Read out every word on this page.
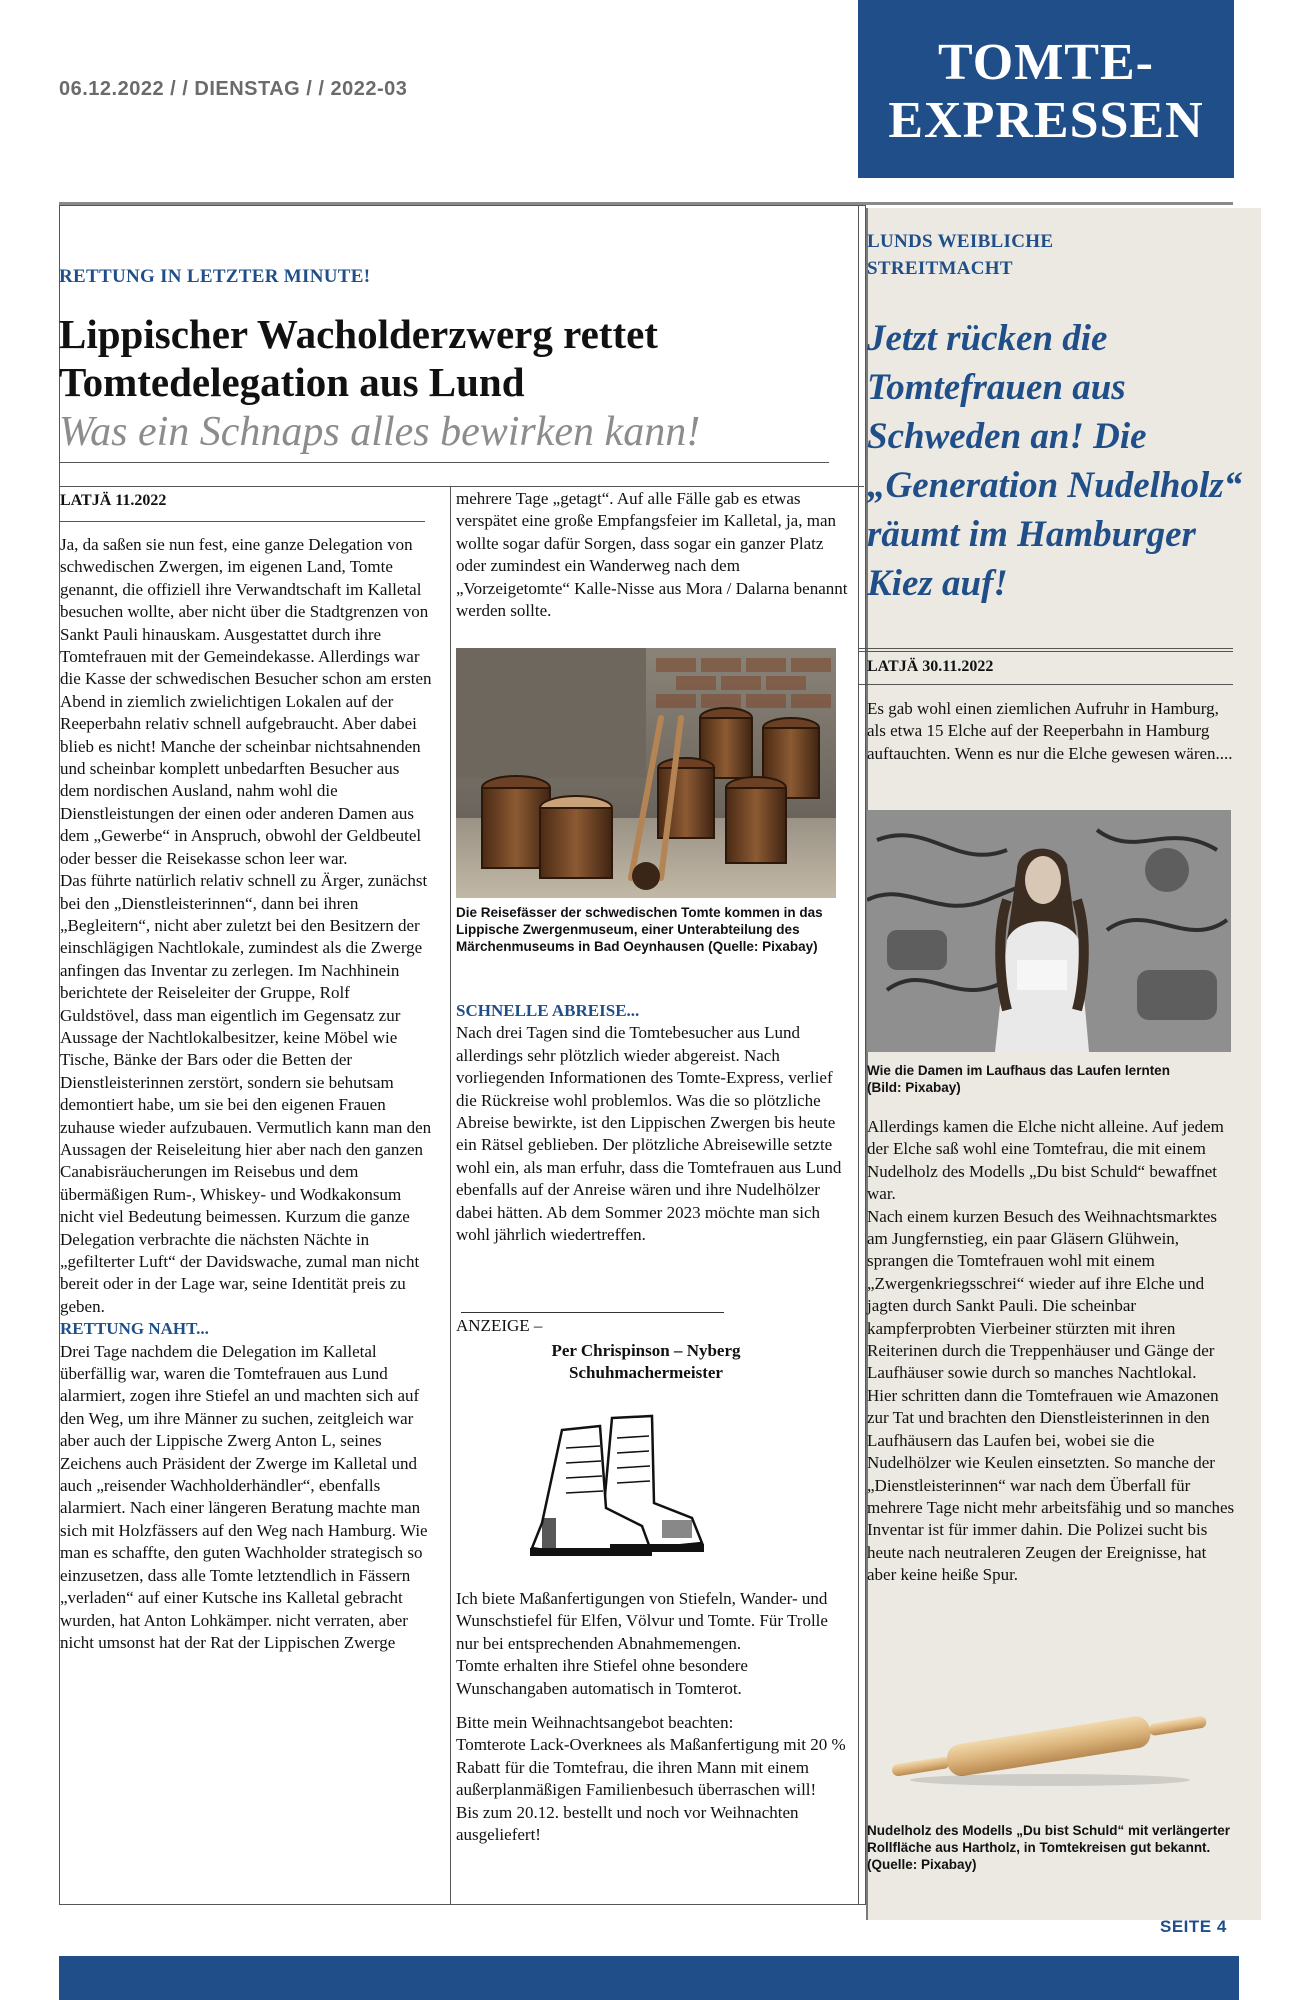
06.12.2022 / / DIENSTAG / / 2022-03	TOMTE-
EXPRESSEN
RETTUNG IN LETZTER MINUTE!
Lippischer Wacholderzwerg rettet Tomtedelegation aus Lund
Was ein Schnaps alles bewirken kann!
LATJÄ 11.2022

Ja, da saßen sie nun fest, eine ganze Delegation von schwedischen Zwergen, im eigenen Land, Tomte genannt, die offiziell ihre Verwandtschaft im Kalletal besuchen wollte, aber nicht über die Stadtgrenzen von Sankt Pauli hinauskam. Ausgestattet durch ihre Tomtefrauen mit der Gemeindekasse. Allerdings war die Kasse der schwedischen Besucher schon am ersten Abend in ziemlich zwielichtigen Lokalen auf der Reeperbahn relativ schnell aufgebraucht. Aber dabei blieb es nicht! Manche der scheinbar nichtsahnenden und scheinbar komplett unbedarften Besucher aus dem nordischen Ausland, nahm wohl die Dienstleistungen der einen oder anderen Damen aus dem „Gewerbe“ in Anspruch, obwohl der Geldbeutel oder besser die Reisekasse schon leer war.

Das führte natürlich relativ schnell zu Ärger, zunächst bei den „Dienstleisterinnen“, dann bei ihren „Begleitern“, nicht aber zuletzt bei den Besitzern der einschlägigen Nachtlokale, zumindest als die Zwerge anfingen das Inventar zu zerlegen. Im Nachhinein berichtete der Reiseleiter der Gruppe, Rolf Guldstövel, dass man eigentlich im Gegensatz zur Aussage der Nachtlokalbesitzer, keine Möbel wie Tische, Bänke der Bars oder die Betten der Dienstleisterinnen zerstört, sondern sie behutsam demontiert habe, um sie bei den eigenen Frauen zuhause wieder aufzubauen. Vermutlich kann man den Aussagen der Reiseleitung hier aber nach den ganzen Canabisräucherungen im Reisebus und dem übermäßigen Rum-, Whiskey- und Wodkakonsum nicht viel Bedeutung beimessen. Kurzum die ganze Delegation verbrachte die nächsten Nächte in „gefilterter Luft“ der Davidswache, zumal man nicht bereit oder in der Lage war, seine Identität preis zu geben.

RETTUNG NAHT...

Drei Tage nachdem die Delegation im Kalletal überfällig war, waren die Tomtefrauen aus Lund alarmiert, zogen ihre Stiefel an und machten sich auf den Weg, um ihre Männer zu suchen, zeitgleich war aber auch der Lippische Zwerg Anton L, seines Zeichens auch Präsident der Zwerge im Kalletal und auch „reisender Wachholderhändler“, ebenfalls alarmiert. Nach einer längeren Beratung machte man sich mit Holzfässers auf den Weg nach Hamburg. Wie man es schaffte, den guten Wachholder strategisch so einzusetzen, dass alle Tomte letztendlich in Fässern „verladen“ auf einer Kutsche ins Kalletal gebracht wurden, hat Anton Lohkämper. nicht verraten, aber nicht umsonst hat der Rat der Lippischen Zwerge

mehrere Tage „getagt“. Auf alle Fälle gab es etwas verspätet eine große Empfangsfeier im Kalletal, ja, man wollte sogar dafür Sorgen, dass sogar ein ganzer Platz oder zumindest ein Wanderweg nach dem „Vorzeigetomte“ Kalle-Nisse aus Mora / Dalarna benannt werden sollte.

Die Reisefässer der schwedischen Tomte kommen in das Lippische Zwergenmuseum, einer Unterabteilung des Märchenmuseums in Bad Oeynhausen (Quelle: Pixabay)

SCHNELLE ABREISE...

Nach drei Tagen sind die Tomtebesucher aus Lund allerdings sehr plötzlich wieder abgereist. Nach vorliegenden Informationen des Tomte-Express, verlief die Rückreise wohl problemlos. Was die so plötzliche Abreise bewirkte, ist den Lippischen Zwergen bis heute ein Rätsel geblieben. Der plötzliche Abreisewille setzte wohl ein, als man erfuhr, dass die Tomtefrauen aus Lund ebenfalls auf der Anreise wären und ihre Nudelhölzer dabei hätten. Ab dem Sommer 2023 möchte man sich wohl jährlich wiedertreffen.

ANZEIGE –
Per Chrispinson – Nyberg
Schuhmachermeister

Ich biete Maßanfertigungen von Stiefeln, Wander- und Wunschstiefel für Elfen, Völvur und Tomte. Für Trolle nur bei entsprechenden Abnahmemengen.

Tomte erhalten ihre Stiefel ohne besondere Wunschangaben automatisch in Tomterot.

Bitte mein Weihnachtsangebot beachten:

Tomterote Lack-Overknees als Maßanfertigung mit 20 % Rabatt für die Tomtefrau, die ihren Mann mit einem außerplanmäßigen Familienbesuch überraschen will!

Bis zum 20.12. bestellt und noch vor Weihnachten ausgeliefert!

LUNDS WEIBLICHE
STREITMACHT
Jetzt rücken die Tomtefrauen aus Schweden an! Die „Generation Nudelholz“ räumt im Hamburger Kiez auf!
LATJÄ 30.11.2022
Es gab wohl einen ziemlichen Aufruhr in Hamburg, als etwa 15 Elche auf der Reeperbahn in Hamburg auftauchten. Wenn es nur die Elche gewesen wären....
Wie die Damen im Laufhaus das Laufen lernten (Bild: Pixabay)

Allerdings kamen die Elche nicht alleine. Auf jedem der Elche saß wohl eine Tomtefrau, die mit einem Nudelholz des Modells „Du bist Schuld“ bewaffnet war.

Nach einem kurzen Besuch des Weihnachtsmarktes am Jungfernstieg, ein paar Gläsern Glühwein, sprangen die Tomtefrauen wohl mit einem „Zwergenkriegsschrei“ wieder auf ihre Elche und jagten durch Sankt Pauli. Die scheinbar kampferprobten Vierbeiner stürzten mit ihren Reiterinen durch die Treppenhäuser und Gänge der Laufhäuser sowie durch so manches Nachtlokal.

Hier schritten dann die Tomtefrauen wie Amazonen zur Tat und brachten den Dienstleisterinnen in den Laufhäusern das Laufen bei, wobei sie die Nudelhölzer wie Keulen einsetzten. So manche der „Dienstleisterinnen“ war nach dem Überfall für mehrere Tage nicht mehr arbeitsfähig und so manches Inventar ist für immer dahin. Die Polizei sucht bis heute nach neutraleren Zeugen der Ereignisse, hat aber keine heiße Spur.

Nudelholz des Modells „Du bist Schuld“ mit verlängerter Rollfläche aus Hartholz, in Tomtekreisen gut bekannt. (Quelle: Pixabay)
SEITE 4
